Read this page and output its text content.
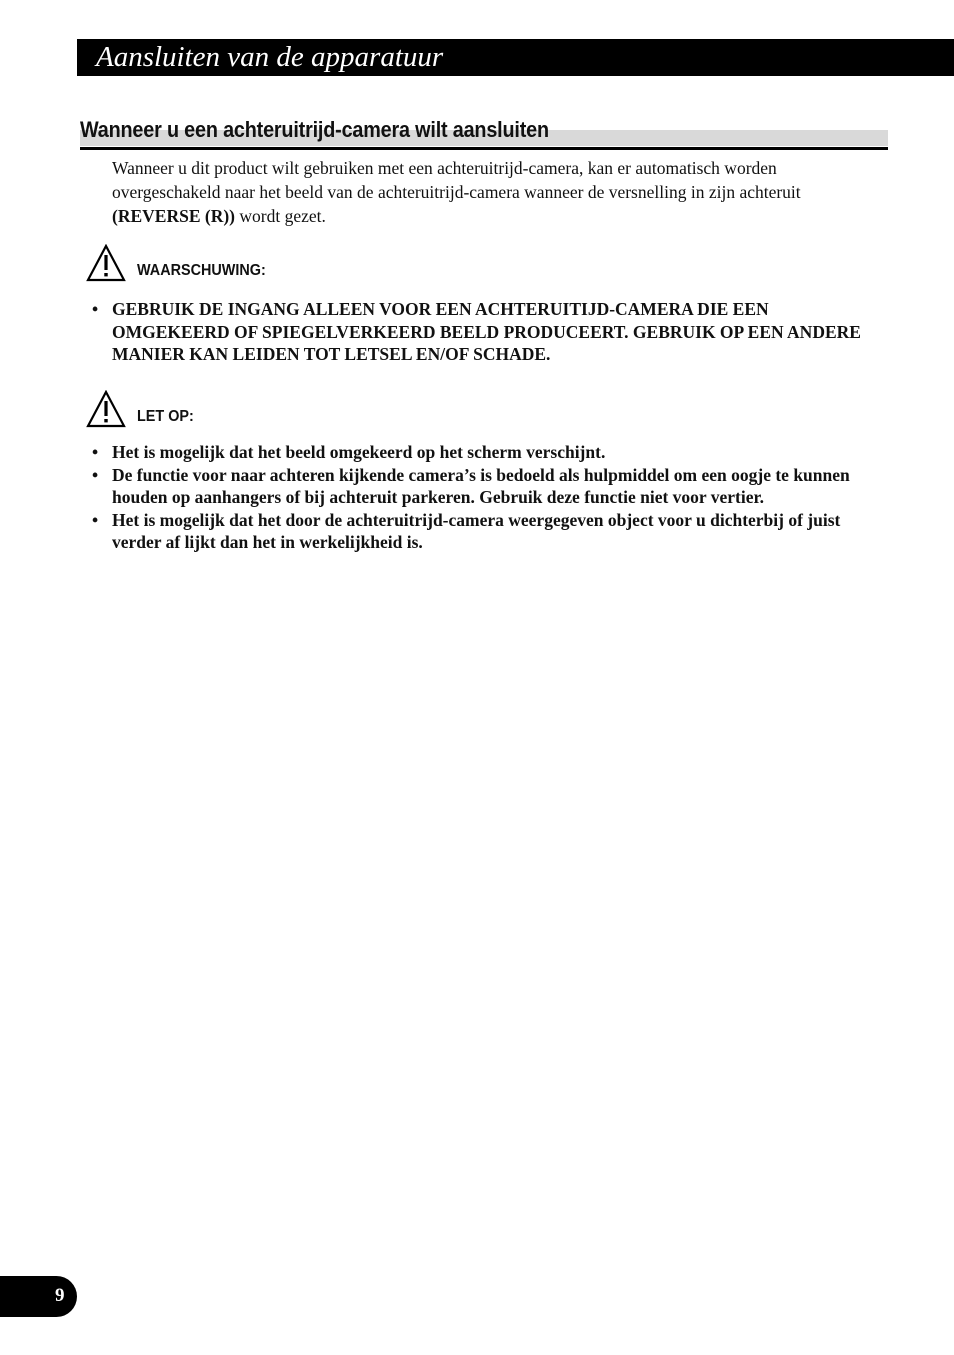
Aansluiten van de apparatuur
Wanneer u een achteruitrijd-camera wilt aansluiten
Wanneer u dit product wilt gebruiken met een achteruitrijd-camera, kan er automatisch worden overgeschakeld naar het beeld van de achteruitrijd-camera wanneer de versnelling in zijn achteruit (REVERSE (R)) wordt gezet.
WAARSCHUWING:
• GEBRUIK DE INGANG ALLEEN VOOR EEN ACHTERUITIJD-CAMERA DIE EEN OMGEKEERD OF SPIEGELVERKEERD BEELD PRODUCEERT. GEBRUIK OP EEN ANDERE MANIER KAN LEIDEN TOT LETSEL EN/OF SCHADE.
LET OP:
• Het is mogelijk dat het beeld omgekeerd op het scherm verschijnt.
• De functie voor naar achteren kijkende camera’s is bedoeld als hulpmiddel om een oogje te kunnen houden op aanhangers of bij achteruit parkeren. Gebruik deze functie niet voor vertier.
• Het is mogelijk dat het door de achteruitrijd-camera weergegeven object voor u dichterbij of juist verder af lijkt dan het in werkelijkheid is.
9
